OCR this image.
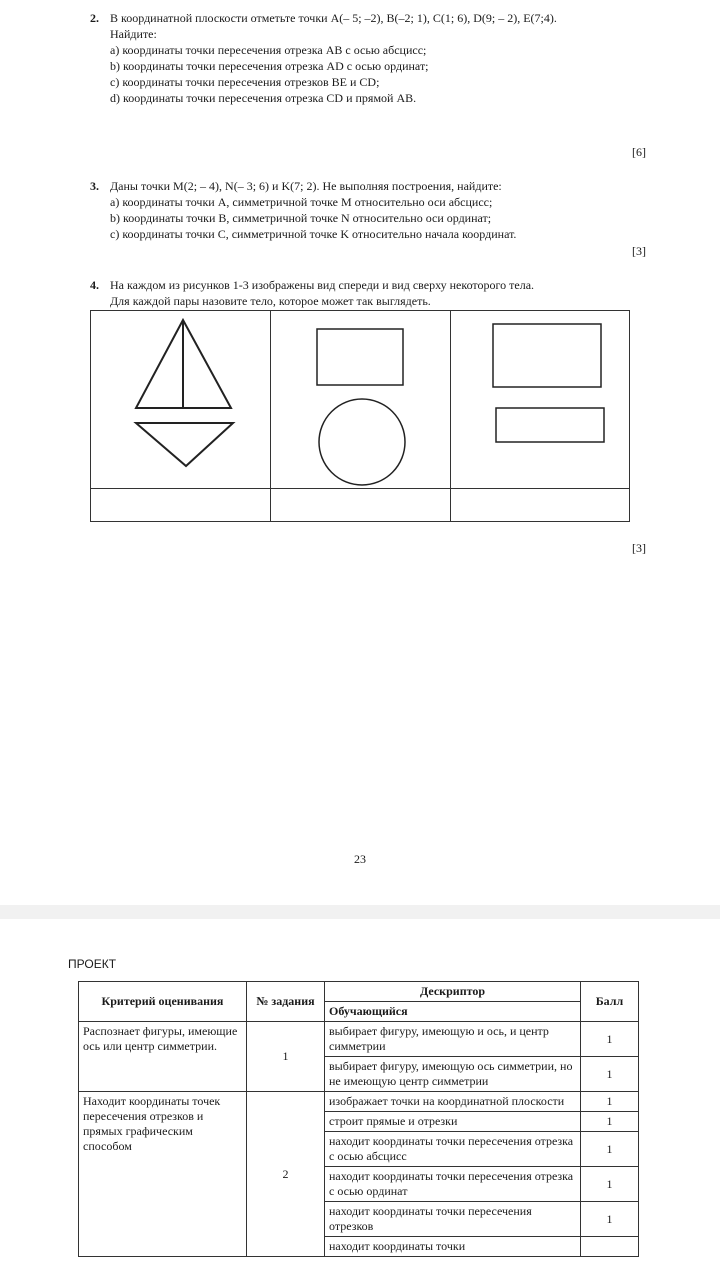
2. В координатной плоскости отметьте точки A(– 5; –2), B(–2; 1), C(1; 6), D(9; – 2), E(7;4).
Найдите:
a) координаты точки пересечения отрезка AB с осью абсцисс;
b) координаты точки пересечения отрезка AD с осью ординат;
c) координаты точки пересечения отрезков BE и CD;
d) координаты точки пересечения отрезка CD и прямой AB.
[6]
3. Даны точки M(2; – 4), N(– 3; 6) и K(7; 2). Не выполняя построения, найдите:
a) координаты точки A, симметричной точке M относительно оси абсцисс;
b) координаты точки B, симметричной точке N относительно оси ординат;
c) координаты точки C, симметричной точке K относительно начала координат.
[3]
4. На каждом из рисунков 1-3 изображены вид спереди и вид сверху некоторого тела.
Для каждой пары назовите тело, которое может так выглядеть.
[3]
23
ПРОЕКТ
Критерий оценивания	№ задания	Дескриптор	Балл
		Обучающийся	
Распознает фигуры, имеющие ось или центр симметрии.	1	выбирает фигуру, имеющую и ось, и центр симметрии	1
		выбирает фигуру, имеющую ось симметрии, но не имеющую центр симметрии	1
Находит координаты точек пересечения отрезков и прямых графическим способом	2	изображает точки на координатной плоскости	1
		строит прямые и отрезки	1
		находит координаты точки пересечения отрезка с осью абсцисс	1
		находит координаты точки пересечения отрезка с осью ординат	1
		находит координаты точки пересечения отрезков	1
		находит координаты точки	
